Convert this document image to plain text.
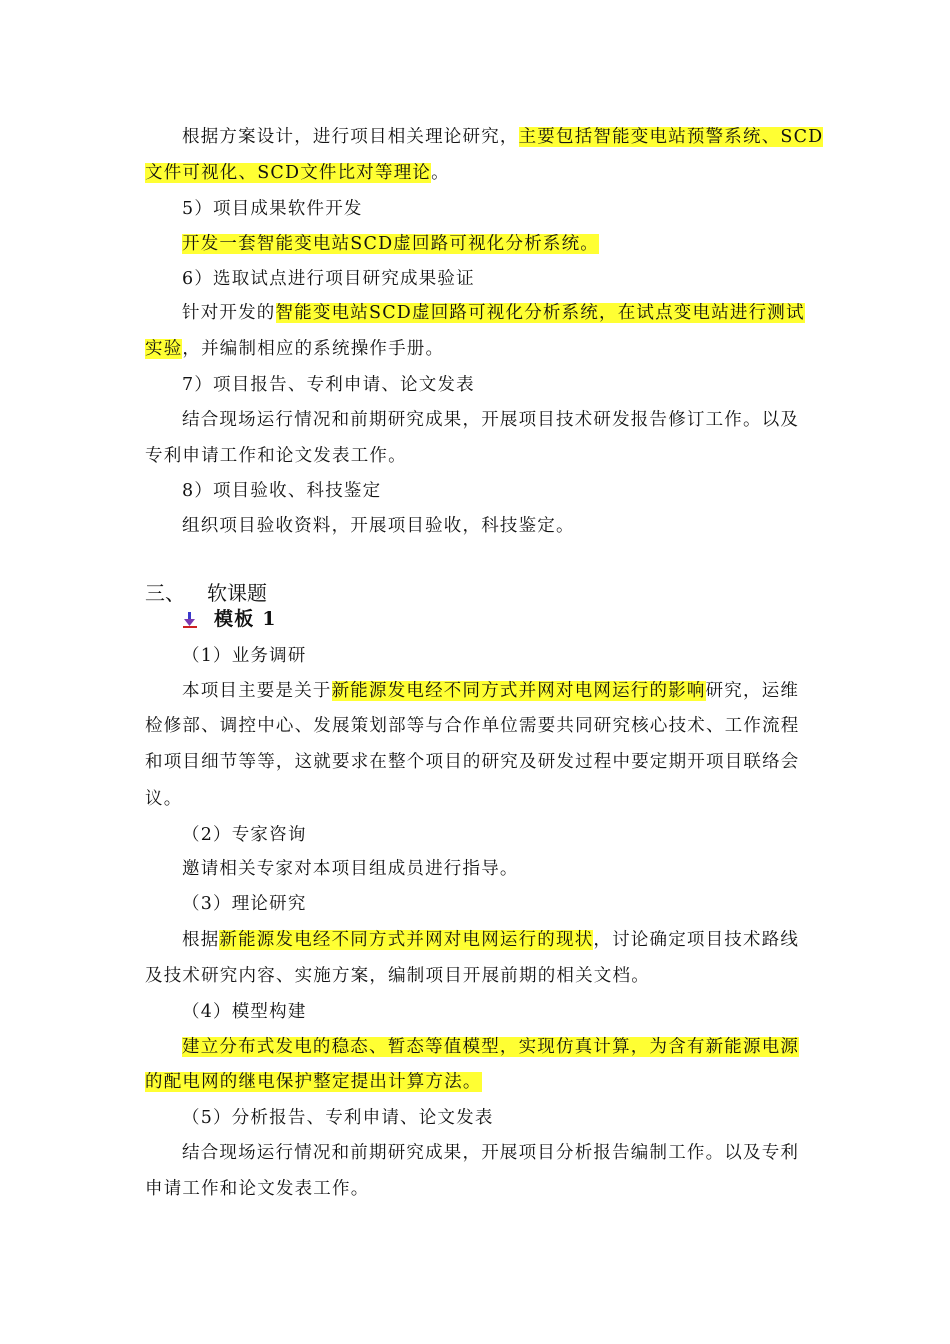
根据方案设计，进行项目相关理论研究，主要包括智能变电站预警系统、SCD
文件可视化、SCD文件比对等理论。
5）项目成果软件开发
开发一套智能变电站SCD虚回路可视化分析系统。
6）选取试点进行项目研究成果验证
针对开发的智能变电站SCD虚回路可视化分析系统，在试点变电站进行测试
实验，并编制相应的系统操作手册。
7）项目报告、专利申请、论文发表
结合现场运行情况和前期研究成果，开展项目技术研发报告修订工作。以及
专利申请工作和论文发表工作。
8）项目验收、科技鉴定
组织项目验收资料，开展项目验收，科技鉴定。
三、 软课题
模板 1
（1）业务调研
本项目主要是关于新能源发电经不同方式并网对电网运行的影响研究，运维
检修部、调控中心、发展策划部等与合作单位需要共同研究核心技术、工作流程
和项目细节等等，这就要求在整个项目的研究及研发过程中要定期开项目联络会
议。
（2）专家咨询
邀请相关专家对本项目组成员进行指导。
（3）理论研究
根据新能源发电经不同方式并网对电网运行的现状，讨论确定项目技术路线
及技术研究内容、实施方案，编制项目开展前期的相关文档。
（4）模型构建
建立分布式发电的稳态、暂态等值模型，实现仿真计算，为含有新能源电源
的配电网的继电保护整定提出计算方法。
（5）分析报告、专利申请、论文发表
结合现场运行情况和前期研究成果，开展项目分析报告编制工作。以及专利
申请工作和论文发表工作。
